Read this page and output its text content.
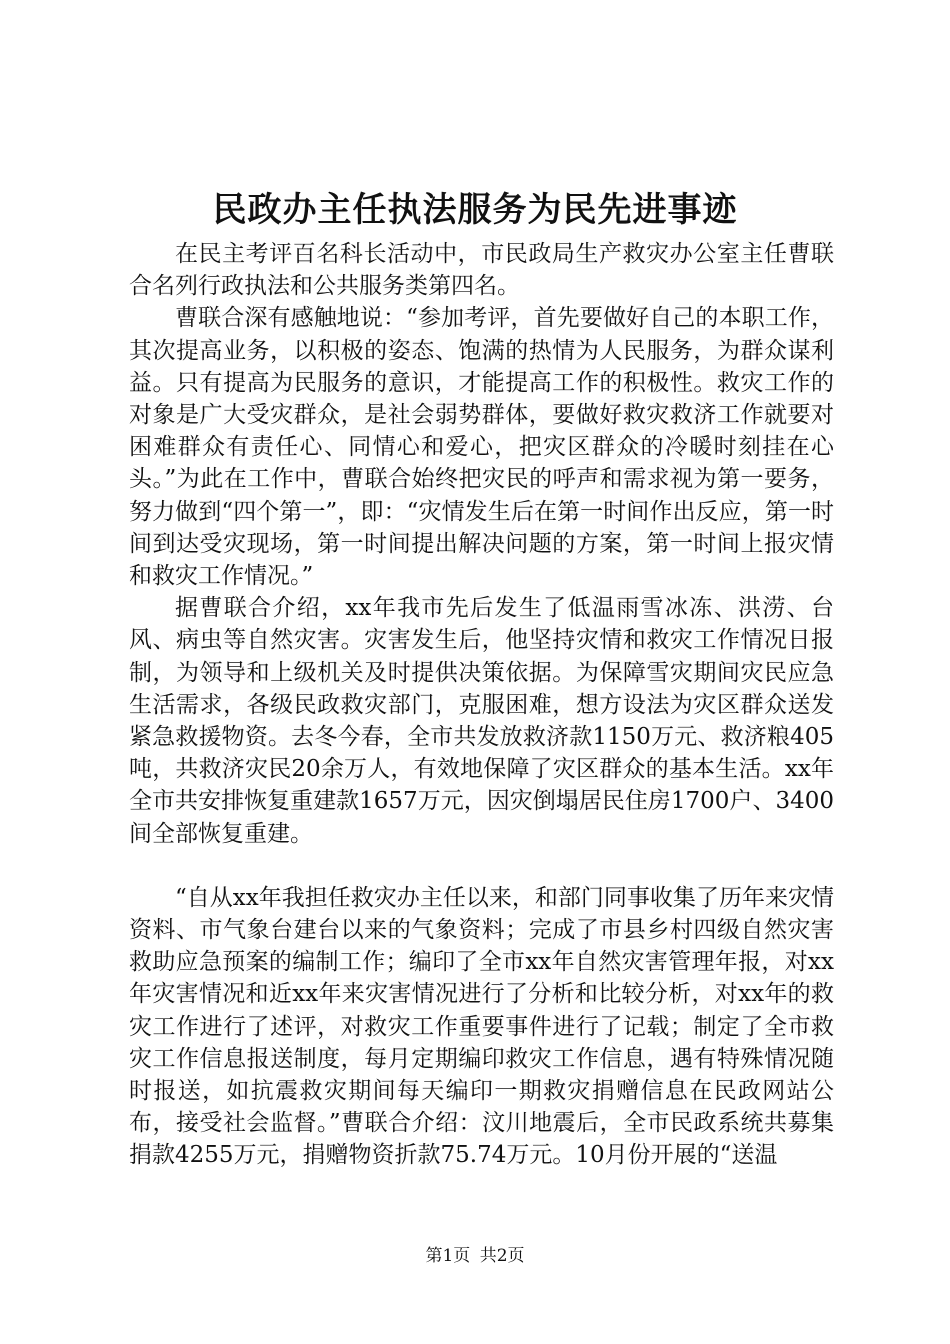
民政办主任执法服务为民先进事迹

在民主考评百名科长活动中，市民政局生产救灾办公室主任曹联合名列行政执法和公共服务类第四名。

曹联合深有感触地说：“参加考评，首先要做好自己的本职工作，其次提高业务，以积极的姿态、饱满的热情为人民服务，为群众谋利益。只有提高为民服务的意识，才能提高工作的积极性。救灾工作的对象是广大受灾群众，是社会弱势群体，要做好救灾救济工作就要对困难群众有责任心、同情心和爱心，把灾区群众的冷暖时刻挂在心头。”为此在工作中，曹联合始终把灾民的呼声和需求视为第一要务，努力做到“四个第一”，即：“灾情发生后在第一时间作出反应，第一时间到达受灾现场，第一时间提出解决问题的方案，第一时间上报灾情和救灾工作情况。”

据曹联合介绍，xx年我市先后发生了低温雨雪冰冻、洪涝、台风、病虫等自然灾害。灾害发生后，他坚持灾情和救灾工作情况日报制，为领导和上级机关及时提供决策依据。为保障雪灾期间灾民应急生活需求，各级民政救灾部门，克服困难，想方设法为灾区群众送发紧急救援物资。去冬今春，全市共发放救济款1150万元、救济粮405吨，共救济灾民20余万人，有效地保障了灾区群众的基本生活。xx年全市共安排恢复重建款1657万元，因灾倒塌居民住房1700户、3400间全部恢复重建。

“自从xx年我担任救灾办主任以来，和部门同事收集了历年来灾情资料、市气象台建台以来的气象资料；完成了市县乡村四级自然灾害救助应急预案的编制工作；编印了全市xx年自然灾害管理年报，对xx年灾害情况和近xx年来灾害情况进行了分析和比较分析，对xx年的救灾工作进行了述评，对救灾工作重要事件进行了记载；制定了全市救灾工作信息报送制度，每月定期编印救灾工作信息，遇有特殊情况随时报送，如抗震救灾期间每天编印一期救灾捐赠信息在民政网站公布，接受社会监督。”曹联合介绍：汶川地震后，全市民政系统共募集捐款4255万元，捐赠物资折款75.74万元。10月份开展的“送温

第1页 共2页
